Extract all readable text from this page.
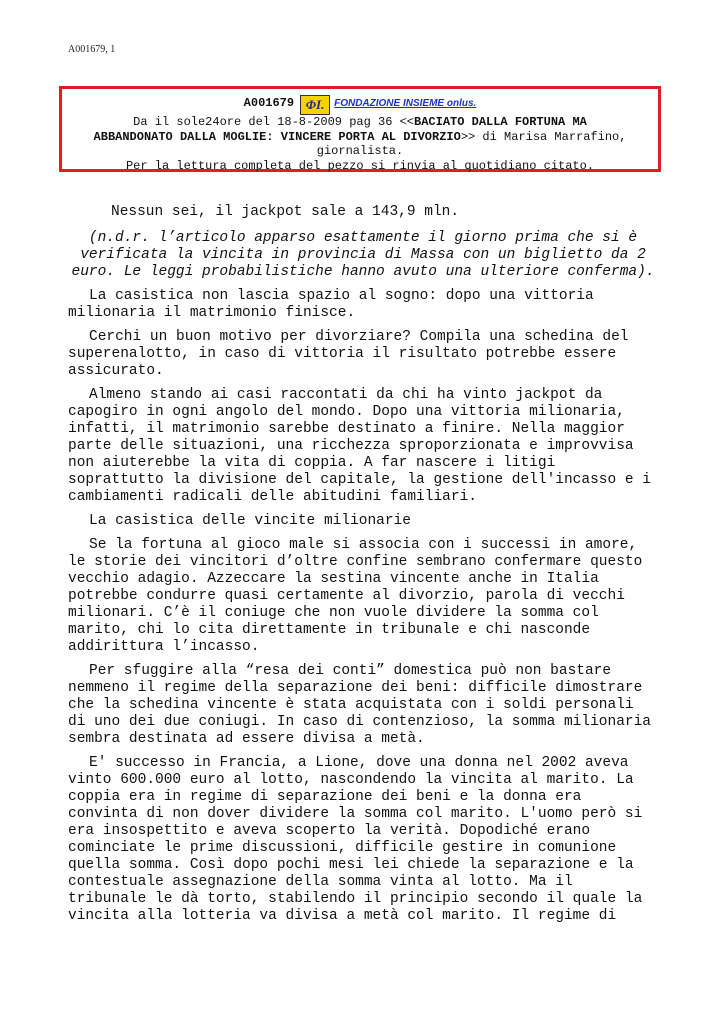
A001679, 1
A001679 ΦI. FONDAZIONE INSIEME onlus.
Da il sole24ore del 18-8-2009 pag 36 <<BACIATO DALLA FORTUNA MA
ABBANDONATO DALLA MOGLIE: VINCERE PORTA AL DIVORZIO>> di Marisa Marrafino,
giornalista.
Per la lettura completa del pezzo si rinvia al quotidiano citato.

Nessun sei, il jackpot sale a 143,9 mln.

(n.d.r. l’articolo apparso esattamente il giorno prima che si è verificata la vincita in provincia di Massa con un biglietto da 2 euro. Le leggi probabilistiche hanno avuto una ulteriore conferma).

La casistica non lascia spazio al sogno: dopo una vittoria milionaria il matrimonio finisce.

Cerchi un buon motivo per divorziare? Compila una schedina del superenalotto, in caso di vittoria il risultato potrebbe essere assicurato.

Almeno stando ai casi raccontati da chi ha vinto jackpot da capogiro in ogni angolo del mondo. Dopo una vittoria milionaria, infatti, il matrimonio sarebbe destinato a finire. Nella maggior parte delle situazioni, una ricchezza sproporzionata e improvvisa non aiuterebbe la vita di coppia. A far nascere i litigi soprattutto la divisione del capitale, la gestione dell'incasso e i cambiamenti radicali delle abitudini familiari.

La casistica delle vincite milionarie

Se la fortuna al gioco male si associa con i successi in amore, le storie dei vincitori d’oltre confine sembrano confermare questo vecchio adagio. Azzeccare la sestina vincente anche in Italia potrebbe condurre quasi certamente al divorzio, parola di vecchi milionari. C’è il coniuge che non vuole dividere la somma col marito, chi lo cita direttamente in tribunale e chi nasconde addirittura l’incasso.

Per sfuggire alla “resa dei conti” domestica può non bastare nemmeno il regime della separazione dei beni: difficile dimostrare che la schedina vincente è stata acquistata con i soldi personali di uno dei due coniugi. In caso di contenzioso, la somma milionaria sembra destinata ad essere divisa a metà.

E' successo in Francia, a Lione, dove una donna nel 2002 aveva vinto 600.000 euro al lotto, nascondendo la vincita al marito. La coppia era in regime di separazione dei beni e la donna era convinta di non dover dividere la somma col marito. L'uomo però si era insospettito e aveva scoperto la verità. Dopodiché erano cominciate le prime discussioni, difficile gestire in comunione quella somma. Così dopo pochi mesi lei chiede la separazione e la contestuale assegnazione della somma vinta al lotto. Ma il tribunale le dà torto, stabilendo il principio secondo il quale la vincita alla lotteria va divisa a metà col marito. Il regime di
